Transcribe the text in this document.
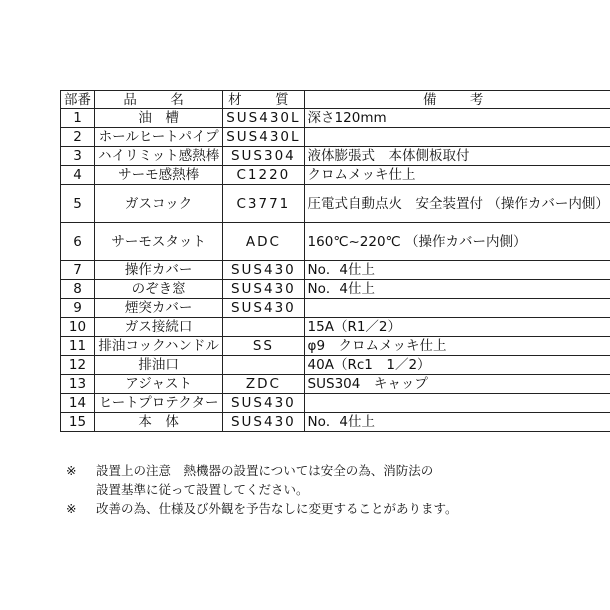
部番	品　名	材　質	備　考
1	油　槽	SUS430L	深さ120mm
2	ホールヒートパイプ	SUS430L	
3	ハイリミット感熱棒	SUS304	液体膨張式　本体側板取付
4	サーモ感熱棒	C1220	クロムメッキ仕上
5	ガスコック	C3771	圧電式自動点火　安全装置付 （操作カバー内側）
6	サーモスタット	ADC	160℃~220℃ （操作カバー内側）
7	操作カバー	SUS430	No．4仕上
8	のぞき窓	SUS430	No．4仕上
9	煙突カバー	SUS430	
10	ガス接続口		15A（R1／2）
11	排油コックハンドル	SS	φ9　クロムメッキ仕上
12	排油口		40A（Rc1　1／2）
13	アジャスト	ZDC	SUS304　キャップ
14	ヒートプロテクター	SUS430	
15	本　体	SUS430	No．4仕上
※	設置上の注意　熱機器の設置については安全の為、消防法の
設置基準に従って設置してください。
※	改善の為、仕様及び外観を予告なしに変更することがあります。
